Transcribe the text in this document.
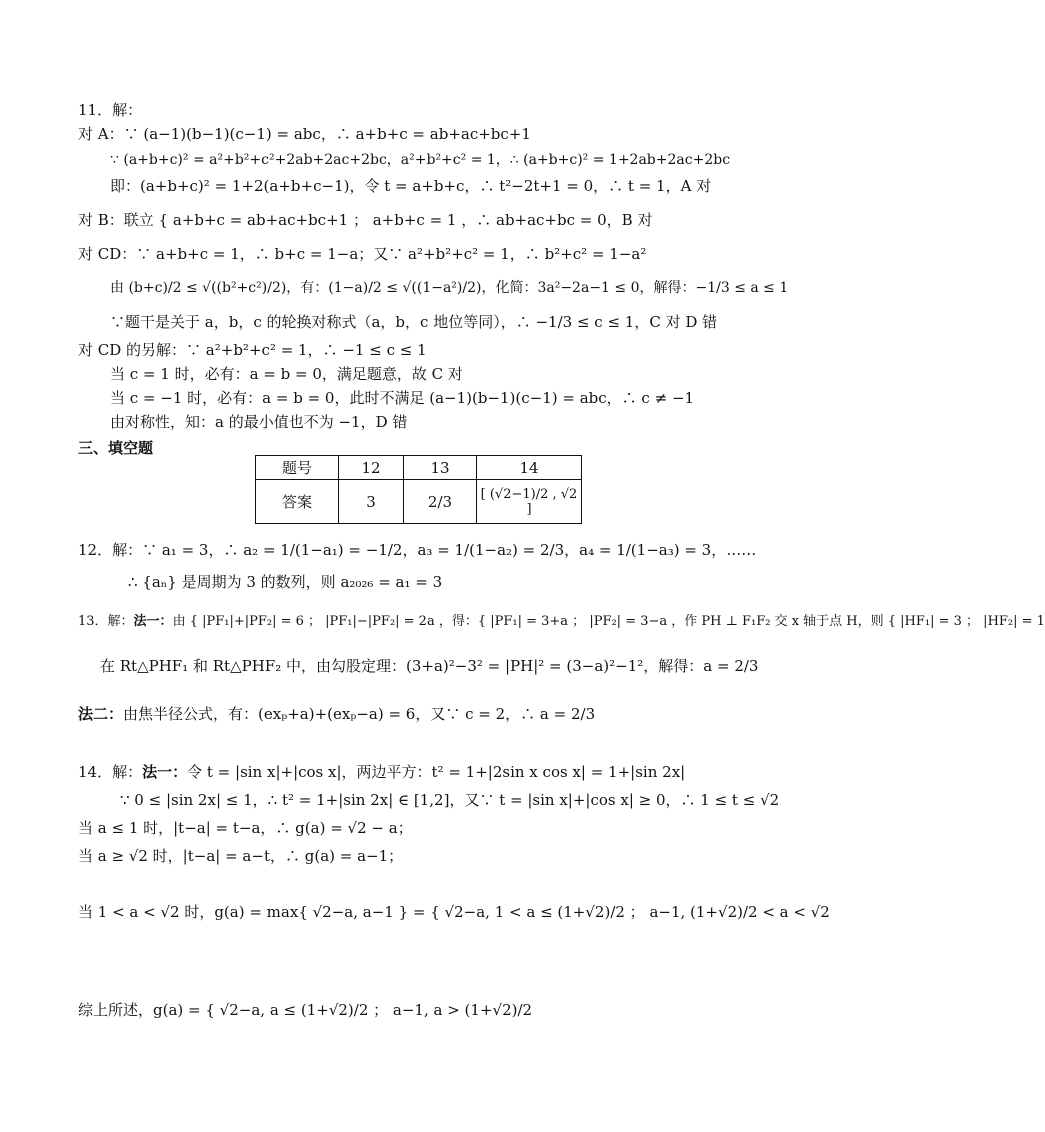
11．解：
对 A：∵ (a−1)(b−1)(c−1) = abc，∴ a+b+c = ab+ac+bc+1
∵ (a+b+c)² = a²+b²+c²+2ab+2ac+2bc，a²+b²+c² = 1，∴ (a+b+c)² = 1+2ab+2ac+2bc
即：(a+b+c)² = 1+2(a+b+c−1)，令 t = a+b+c，∴ t²−2t+1 = 0，∴ t = 1，A 对
对 B：联立 { a+b+c = ab+ac+bc+1 ； a+b+c = 1 ，∴ ab+ac+bc = 0，B 对
对 CD：∵ a+b+c = 1，∴ b+c = 1−a；又∵ a²+b²+c² = 1，∴ b²+c² = 1−a²
由 (b+c)/2 ≤ √((b²+c²)/2)，有：(1−a)/2 ≤ √((1−a²)/2)，化简：3a²−2a−1 ≤ 0，解得：−1/3 ≤ a ≤ 1
∵题干是关于 a，b，c 的轮换对称式（a，b，c 地位等同），∴ −1/3 ≤ c ≤ 1，C 对 D 错
对 CD 的另解：∵ a²+b²+c² = 1，∴ −1 ≤ c ≤ 1
当 c = 1 时，必有：a = b = 0，满足题意，故 C 对
当 c = −1 时，必有：a = b = 0，此时不满足 (a−1)(b−1)(c−1) = abc，∴ c ≠ −1
由对称性，知：a 的最小值也不为 −1，D 错
三、填空题
题号	12	13	14
答案	3	2/3	[ (√2−1)/2 , √2 ]
12．解：∵ a₁ = 3，∴ a₂ = 1/(1−a₁) = −1/2，a₃ = 1/(1−a₂) = 2/3，a₄ = 1/(1−a₃) = 3，……
∴ {aₙ} 是周期为 3 的数列，则 a₂₀₂₆ = a₁ = 3
13．解：法一：由 { |PF₁|+|PF₂| = 6 ； |PF₁|−|PF₂| = 2a ，得：{ |PF₁| = 3+a ； |PF₂| = 3−a ，作 PH ⊥ F₁F₂ 交 x 轴于点 H，则 { |HF₁| = 3 ； |HF₂| = 1
在 Rt△PHF₁ 和 Rt△PHF₂ 中，由勾股定理：(3+a)²−3² = |PH|² = (3−a)²−1²，解得：a = 2/3
法二：由焦半径公式，有：(exₚ+a)+(exₚ−a) = 6，又∵ c = 2，∴ a = 2/3
14．解：法一：令 t = |sin x|+|cos x|，两边平方：t² = 1+|2sin x cos x| = 1+|sin 2x|
∵ 0 ≤ |sin 2x| ≤ 1，∴ t² = 1+|sin 2x| ∈ [1,2]，又∵ t = |sin x|+|cos x| ≥ 0，∴ 1 ≤ t ≤ √2
当 a ≤ 1 时，|t−a| = t−a，∴ g(a) = √2 − a；
当 a ≥ √2 时，|t−a| = a−t，∴ g(a) = a−1；
当 1 < a < √2 时，g(a) = max{ √2−a, a−1 } = { √2−a, 1 < a ≤ (1+√2)/2 ； a−1, (1+√2)/2 < a < √2
综上所述，g(a) = { √2−a, a ≤ (1+√2)/2 ； a−1, a > (1+√2)/2
